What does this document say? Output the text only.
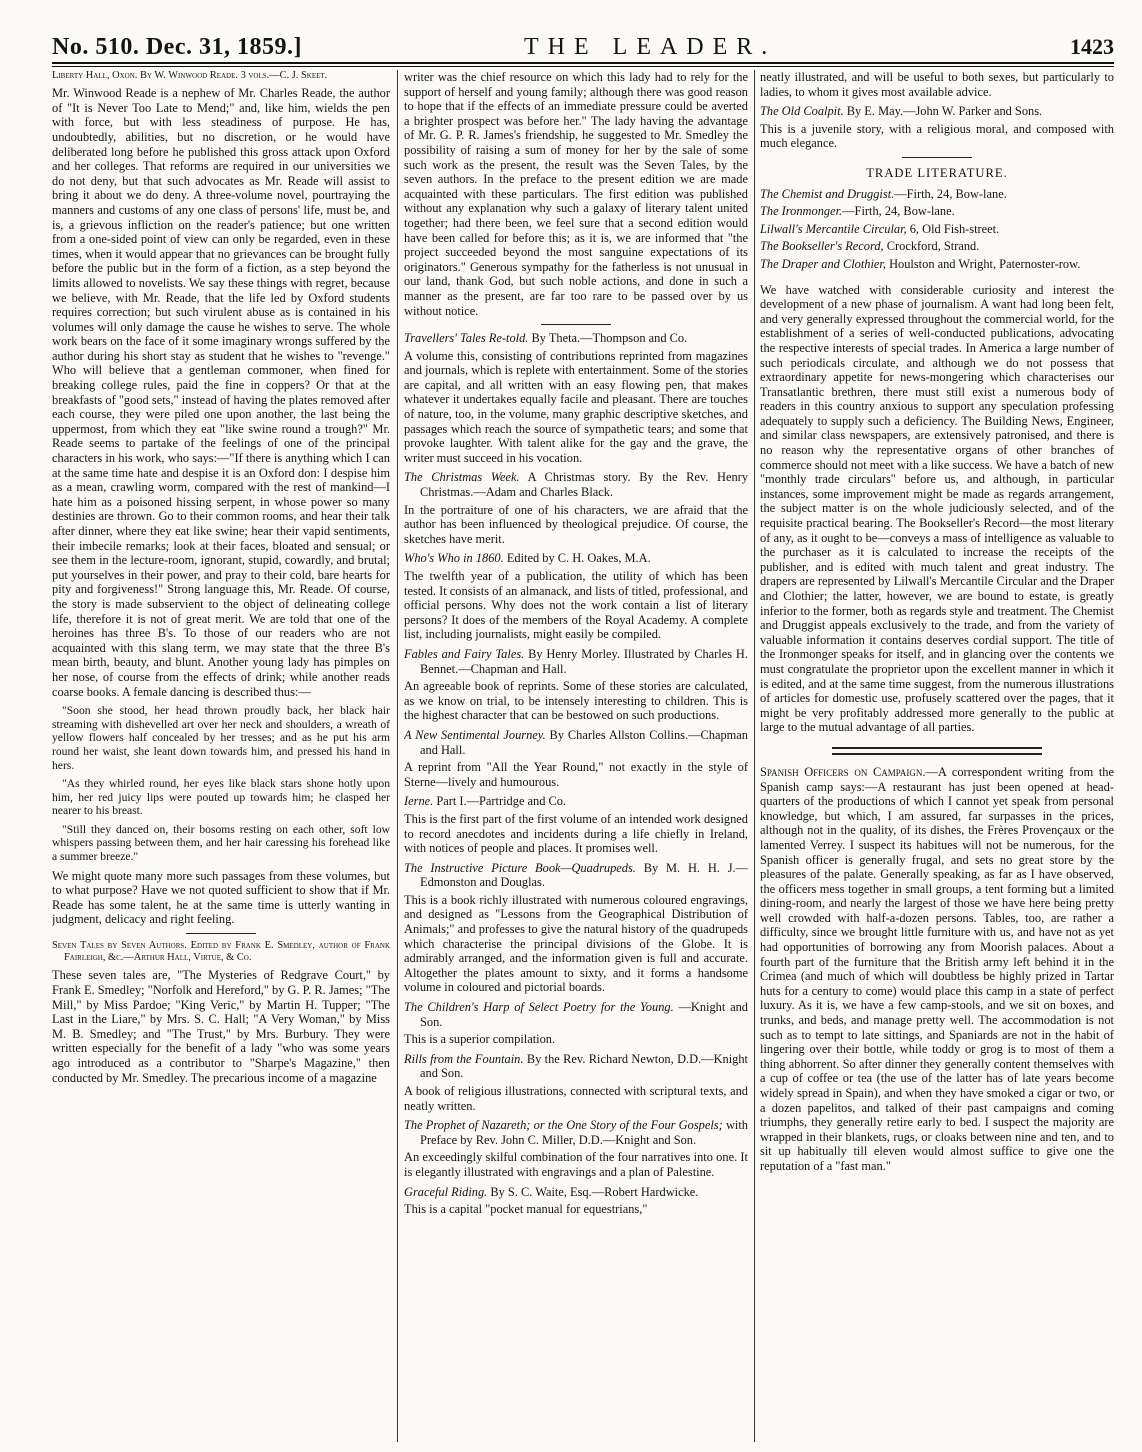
No. 510. Dec. 31, 1859.]	THE LEADER.	1423

Liberty Hall, Oxon. By W. Winwood Reade. 3 vols.—C. J. Skeet.

Mr. Winwood Reade is a nephew of Mr. Charles Reade, the author of "It is Never Too Late to Mend;" and, like him, wields the pen with force, but with less steadiness of purpose. He has, undoubtedly, abilities, but no discretion, or he would have deliberated long before he published this gross attack upon Oxford and her colleges. That reforms are required in our universities we do not deny, but that such advocates as Mr. Reade will assist to bring it about we do deny. A three-volume novel, pourtraying the manners and customs of any one class of persons' life, must be, and is, a grievous infliction on the reader's patience; but one written from a one-sided point of view can only be regarded, even in these times, when it would appear that no grievances can be brought fully before the public but in the form of a fiction, as a step beyond the limits allowed to novelists. We say these things with regret, because we believe, with Mr. Reade, that the life led by Oxford students requires correction; but such virulent abuse as is contained in his volumes will only damage the cause he wishes to serve. The whole work bears on the face of it some imaginary wrongs suffered by the author during his short stay as student that he wishes to "revenge." Who will believe that a gentleman commoner, when fined for breaking college rules, paid the fine in coppers? Or that at the breakfasts of "good sets," instead of having the plates removed after each course, they were piled one upon another, the last being the uppermost, from which they eat "like swine round a trough?" Mr. Reade seems to partake of the feelings of one of the principal characters in his work, who says:—"If there is anything which I can at the same time hate and despise it is an Oxford don: I despise him as a mean, crawling worm, compared with the rest of mankind—I hate him as a poisoned hissing serpent, in whose power so many destinies are thrown. Go to their common rooms, and hear their talk after dinner, where they eat like swine; hear their vapid sentiments, their imbecile remarks; look at their faces, bloated and sensual; or see them in the lecture-room, ignorant, stupid, cowardly, and brutal; put yourselves in their power, and pray to their cold, bare hearts for pity and forgiveness!" Strong language this, Mr. Reade. Of course, the story is made subservient to the object of delineating college life, therefore it is not of great merit. We are told that one of the heroines has three B's. To those of our readers who are not acquainted with this slang term, we may state that the three B's mean birth, beauty, and blunt. Another young lady has pimples on her nose, of course from the effects of drink; while another reads coarse books. A female dancing is described thus:—

"Soon she stood, her head thrown proudly back, her black hair streaming with dishevelled art over her neck and shoulders, a wreath of yellow flowers half concealed by her tresses; and as he put his arm round her waist, she leant down towards him, and pressed his hand in hers.

"As they whirled round, her eyes like black stars shone hotly upon him, her red juicy lips were pouted up towards him; he clasped her nearer to his breast.

"Still they danced on, their bosoms resting on each other, soft low whispers passing between them, and her hair caressing his forehead like a summer breeze."

We might quote many more such passages from these volumes, but to what purpose? Have we not quoted sufficient to show that if Mr. Reade has some talent, he at the same time is utterly wanting in judgment, delicacy and right feeling.

Seven Tales by Seven Authors. Edited by Frank E. Smedley, author of Frank Fairleigh, &c.—Arthur Hall, Virtue, & Co.

These seven tales are, "The Mysteries of Redgrave Court," by Frank E. Smedley; "Norfolk and Hereford," by G. P. R. James; "The Mill," by Miss Pardoe; "King Veric," by Martin H. Tupper; "The Last in the Liare," by Mrs. S. C. Hall; "A Very Woman," by Miss M. B. Smedley; and "The Trust," by Mrs. Burbury. They were written especially for the benefit of a lady "who was some years ago introduced as a contributor to "Sharpe's Magazine," then conducted by Mr. Smedley. The precarious income of a magazine

writer was the chief resource on which this lady had to rely for the support of herself and young family; although there was good reason to hope that if the effects of an immediate pressure could be averted a brighter prospect was before her." The lady having the advantage of Mr. G. P. R. James's friendship, he suggested to Mr. Smedley the possibility of raising a sum of money for her by the sale of some such work as the present, the result was the Seven Tales, by the seven authors. In the preface to the present edition we are made acquainted with these particulars. The first edition was published without any explanation why such a galaxy of literary talent united together; had there been, we feel sure that a second edition would have been called for before this; as it is, we are informed that "the project succeeded beyond the most sanguine expectations of its originators." Generous sympathy for the fatherless is not unusual in our land, thank God, but such noble actions, and done in such a manner as the present, are far too rare to be passed over by us without notice.

Travellers' Tales Re-told. By Theta.—Thompson and Co.

A volume this, consisting of contributions reprinted from magazines and journals, which is replete with entertainment. Some of the stories are capital, and all written with an easy flowing pen, that makes whatever it undertakes equally facile and pleasant. There are touches of nature, too, in the volume, many graphic descriptive sketches, and passages which reach the source of sympathetic tears; and some that provoke laughter. With talent alike for the gay and the grave, the writer must succeed in his vocation.

The Christmas Week. A Christmas story. By the Rev. Henry Christmas.—Adam and Charles Black.

In the portraiture of one of his characters, we are afraid that the author has been influenced by theological prejudice. Of course, the sketches have merit.

Who's Who in 1860. Edited by C. H. Oakes, M.A.

The twelfth year of a publication, the utility of which has been tested. It consists of an almanack, and lists of titled, professional, and official persons. Why does not the work contain a list of literary persons? It does of the members of the Royal Academy. A complete list, including journalists, might easily be compiled.

Fables and Fairy Tales. By Henry Morley. Illustrated by Charles H. Bennet.—Chapman and Hall.

An agreeable book of reprints. Some of these stories are calculated, as we know on trial, to be intensely interesting to children. This is the highest character that can be bestowed on such productions.

A New Sentimental Journey. By Charles Allston Collins.—Chapman and Hall.

A reprint from "All the Year Round," not exactly in the style of Sterne—lively and humourous.

Ierne. Part I.—Partridge and Co.

This is the first part of the first volume of an intended work designed to record anecdotes and incidents during a life chiefly in Ireland, with notices of people and places. It promises well.

The Instructive Picture Book—Quadrupeds. By M. H. H. J.—Edmonston and Douglas.

This is a book richly illustrated with numerous coloured engravings, and designed as "Lessons from the Geographical Distribution of Animals;" and professes to give the natural history of the quadrupeds which characterise the principal divisions of the Globe. It is admirably arranged, and the information given is full and accurate. Altogether the plates amount to sixty, and it forms a handsome volume in coloured and pictorial boards.

The Children's Harp of Select Poetry for the Young. —Knight and Son.

This is a superior compilation.

Rills from the Fountain. By the Rev. Richard Newton, D.D.—Knight and Son.

A book of religious illustrations, connected with scriptural texts, and neatly written.

The Prophet of Nazareth; or the One Story of the Four Gospels; with Preface by Rev. John C. Miller, D.D.—Knight and Son.

An exceedingly skilful combination of the four narratives into one. It is elegantly illustrated with engravings and a plan of Palestine.

Graceful Riding. By S. C. Waite, Esq.—Robert Hardwicke.

This is a capital "pocket manual for equestrians,"

neatly illustrated, and will be useful to both sexes, but particularly to ladies, to whom it gives most available advice.

The Old Coalpit. By E. May.—John W. Parker and Sons.

This is a juvenile story, with a religious moral, and composed with much elegance.

TRADE LITERATURE.

The Chemist and Druggist.—Firth, 24, Bow-lane.

The Ironmonger.—Firth, 24, Bow-lane.

Lilwall's Mercantile Circular, 6, Old Fish-street.

The Bookseller's Record, Crockford, Strand.

The Draper and Clothier, Houlston and Wright, Paternoster-row.

We have watched with considerable curiosity and interest the development of a new phase of journalism. A want had long been felt, and very generally expressed throughout the commercial world, for the establishment of a series of well-conducted publications, advocating the respective interests of special trades. In America a large number of such periodicals circulate, and although we do not possess that extraordinary appetite for news-mongering which characterises our Transatlantic brethren, there must still exist a numerous body of readers in this country anxious to support any speculation professing adequately to supply such a deficiency. The Building News, Engineer, and similar class newspapers, are extensively patronised, and there is no reason why the representative organs of other branches of commerce should not meet with a like success. We have a batch of new "monthly trade circulars" before us, and although, in particular instances, some improvement might be made as regards arrangement, the subject matter is on the whole judiciously selected, and of the requisite practical bearing. The Bookseller's Record—the most literary of any, as it ought to be—conveys a mass of intelligence as valuable to the purchaser as it is calculated to increase the receipts of the publisher, and is edited with much talent and great industry. The drapers are represented by Lilwall's Mercantile Circular and the Draper and Clothier; the latter, however, we are bound to estate, is greatly inferior to the former, both as regards style and treatment. The Chemist and Druggist appeals exclusively to the trade, and from the variety of valuable information it contains deserves cordial support. The title of the Ironmonger speaks for itself, and in glancing over the contents we must congratulate the proprietor upon the excellent manner in which it is edited, and at the same time suggest, from the numerous illustrations of articles for domestic use, profusely scattered over the pages, that it might be very profitably addressed more generally to the public at large to the mutual advantage of all parties.

Spanish Officers on Campaign.—A correspondent writing from the Spanish camp says:—A restaurant has just been opened at head-quarters of the productions of which I cannot yet speak from personal knowledge, but which, I am assured, far surpasses in the prices, although not in the quality, of its dishes, the Frères Provençaux or the lamented Verrey. I suspect its habitues will not be numerous, for the Spanish officer is generally frugal, and sets no great store by the pleasures of the palate. Generally speaking, as far as I have observed, the officers mess together in small groups, a tent forming but a limited dining-room, and nearly the largest of those we have here being pretty well crowded with half-a-dozen persons. Tables, too, are rather a difficulty, since we brought little furniture with us, and have not as yet had opportunities of borrowing any from Moorish palaces. About a fourth part of the furniture that the British army left behind it in the Crimea (and much of which will doubtless be highly prized in Tartar huts for a century to come) would place this camp in a state of perfect luxury. As it is, we have a few camp-stools, and we sit on boxes, and trunks, and beds, and manage pretty well. The accommodation is not such as to tempt to late sittings, and Spaniards are not in the habit of lingering over their bottle, while toddy or grog is to most of them a thing abhorrent. So after dinner they generally content themselves with a cup of coffee or tea (the use of the latter has of late years become widely spread in Spain), and when they have smoked a cigar or two, or a dozen papelitos, and talked of their past campaigns and coming triumphs, they generally retire early to bed. I suspect the majority are wrapped in their blankets, rugs, or cloaks between nine and ten, and to sit up habitually till eleven would almost suffice to give one the reputation of a "fast man."
